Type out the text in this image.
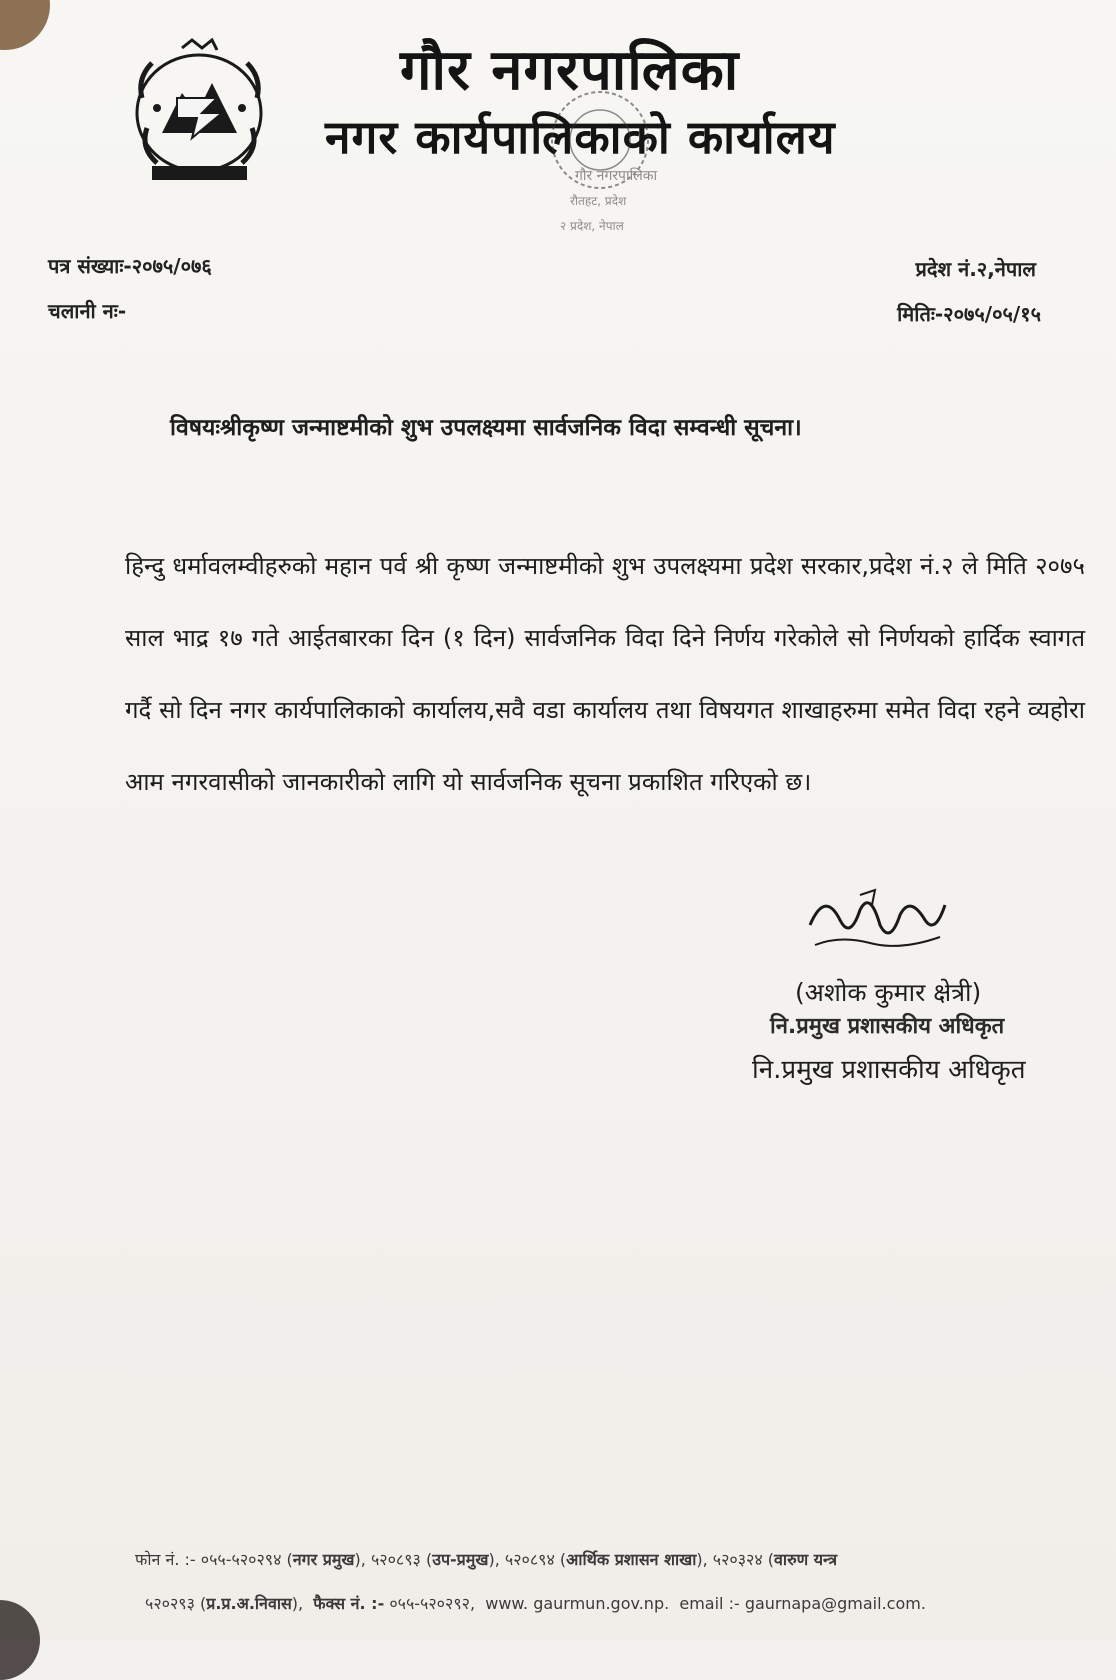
गौर नगरपालिका
नगर कार्यपालिकाको कार्यालय
गौर नगरपालिका
रौतहट, प्रदेश
२ प्रदेश, नेपाल
पत्र संख्याः-२०७५/०७६
चलानी नः-
प्रदेश नं.२,नेपाल
मितिः-२०७५/०५/१५
विषयःश्रीकृष्ण जन्माष्टमीको शुभ उपलक्ष्यमा सार्वजनिक विदा सम्वन्धी सूचना।
हिन्दु धर्मावलम्वीहरुको महान पर्व श्री कृष्ण जन्माष्टमीको शुभ उपलक्ष्यमा प्रदेश सरकार,प्रदेश नं.२ ले मिति २०७५ साल भाद्र १७ गते आईतबारका दिन (१ दिन) सार्वजनिक विदा दिने निर्णय गरेकोले सो निर्णयको हार्दिक स्वागत गर्दै सो दिन नगर कार्यपालिकाको कार्यालय,सवै वडा कार्यालय तथा विषयगत शाखाहरुमा समेत विदा रहने व्यहोरा आम नगरवासीको जानकारीको लागि यो सार्वजनिक सूचना प्रकाशित गरिएको छ।
(अशोक कुमार क्षेत्री)
नि.प्रमुख प्रशासकीय अधिकृत
नि.प्रमुख प्रशासकीय अधिकृत
फोन नं. :- ०५५-५२०२९४ (नगर प्रमुख), ५२०८९३ (उप-प्रमुख), ५२०८९४ (आर्थिक प्रशासन शाखा), ५२०३२४ (वारुण यन्त्र
५२०२९३ (प्र.प्र.अ.निवास),  फैक्स नं. :- ०५५-५२०२९२,  www. gaurmun.gov.np. email :- gaurnapa@gmail.com.
